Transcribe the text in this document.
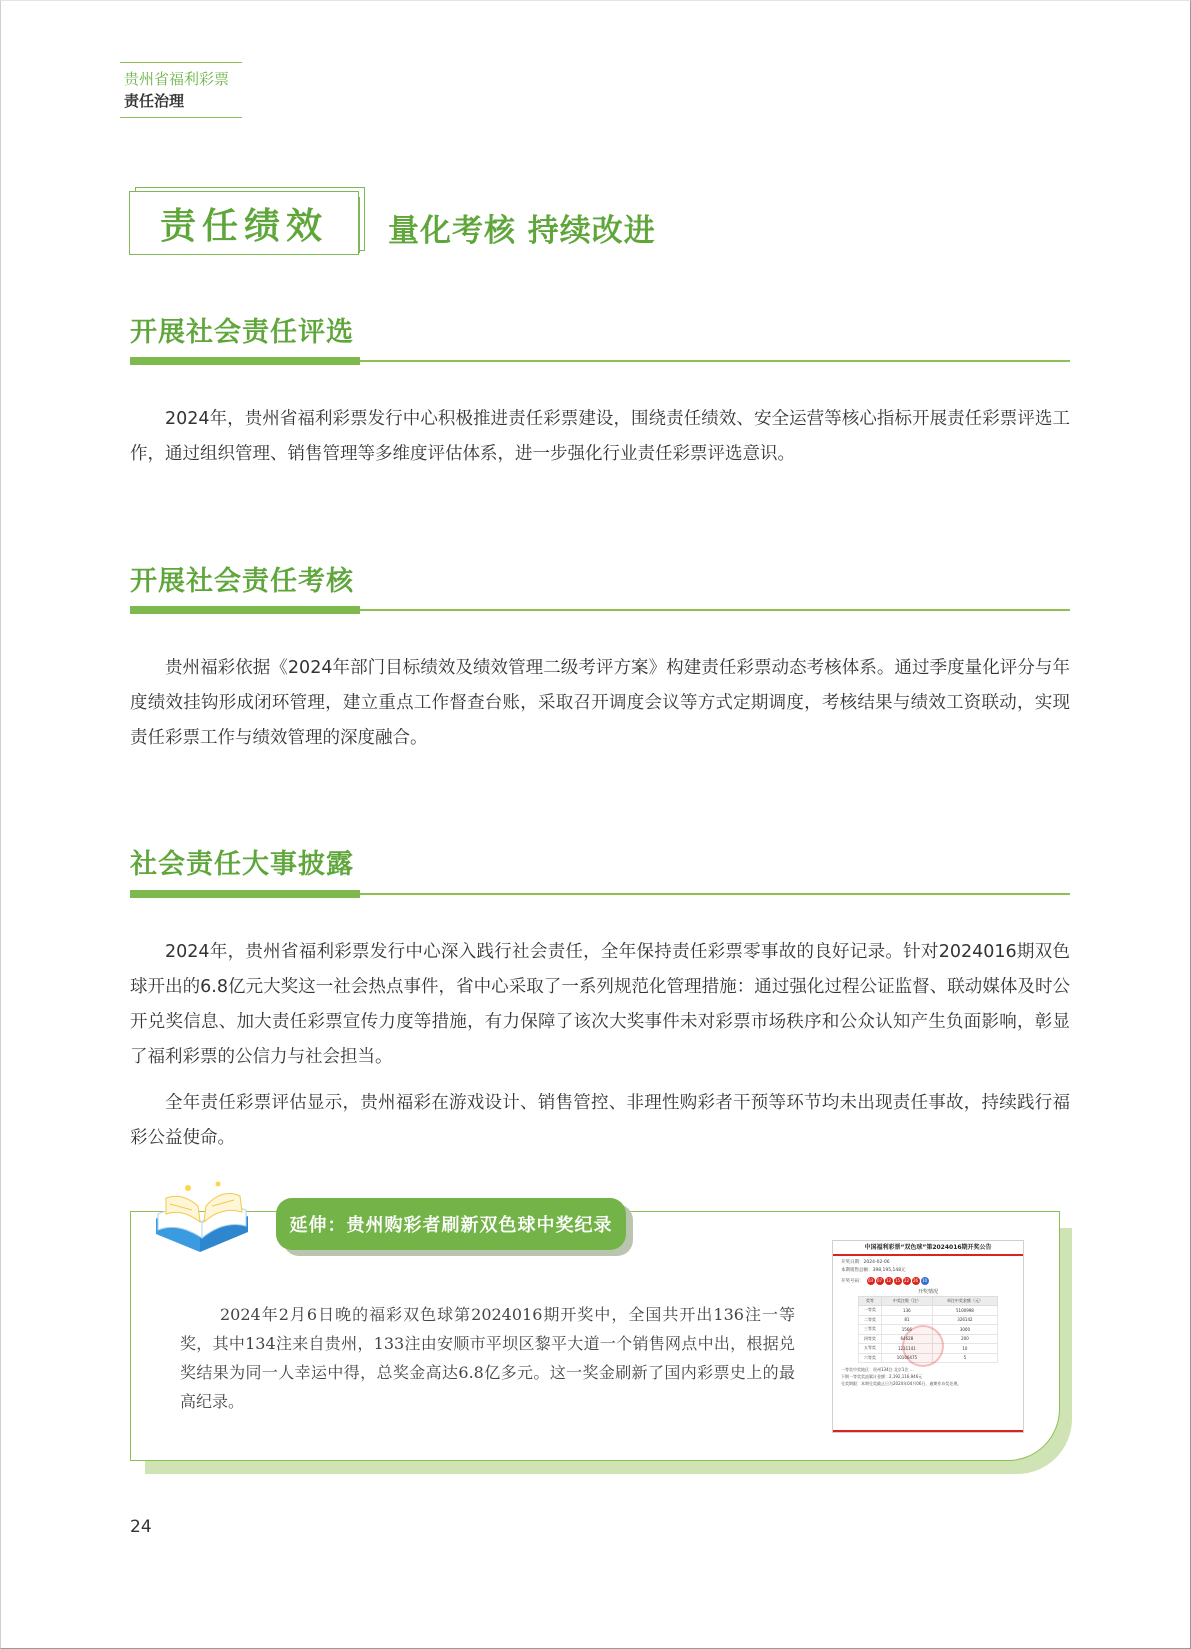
贵州省福利彩票
责任治理
责任绩效	量化考核 持续改进
开展社会责任评选

2024年，贵州省福利彩票发行中心积极推进责任彩票建设，围绕责任绩效、安全运营等核心指标开展责任彩票评选工作，通过组织管理、销售管理等多维度评估体系，进一步强化行业责任彩票评选意识。

开展社会责任考核

贵州福彩依据《2024年部门目标绩效及绩效管理二级考评方案》构建责任彩票动态考核体系。通过季度量化评分与年度绩效挂钩形成闭环管理，建立重点工作督查台账，采取召开调度会议等方式定期调度，考核结果与绩效工资联动，实现责任彩票工作与绩效管理的深度融合。

社会责任大事披露

2024年，贵州省福利彩票发行中心深入践行社会责任，全年保持责任彩票零事故的良好记录。针对2024016期双色球开出的6.8亿元大奖这一社会热点事件，省中心采取了一系列规范化管理措施：通过强化过程公证监督、联动媒体及时公开兑奖信息、加大责任彩票宣传力度等措施，有力保障了该次大奖事件未对彩票市场秩序和公众认知产生负面影响，彰显了福利彩票的公信力与社会担当。

全年责任彩票评估显示，贵州福彩在游戏设计、销售管控、非理性购彩者干预等环节均未出现责任事故，持续践行福彩公益使命。

延伸：贵州购彩者刷新双色球中奖纪录

2024年2月6日晚的福彩双色球第2024016期开奖中，全国共开出136注一等奖，其中134注来自贵州，133注由安顺市平坝区黎平大道一个销售网点中出，根据兑奖结果为同一人幸运中得，总奖金高达6.8亿多元。这一奖金刷新了国内彩票史上的最高纪录。

中国福利彩票“双色球”第2024016期开奖公告
开奖日期：2024-02-06
本期销售总额：398,195,148元
开奖号码：	03 07 12 15 22 26 10
开奖情况
奖等	中奖注数（注）	单注中奖金额（元）
一等奖	136	5100998
二等奖	81	326142
三等奖	1566	3000
四等奖	64628	200
五等奖	1231141	10
六等奖	10106475	5
一等奖中奖地区：贵州134注 北京1注 …
下期一等奖奖池累计金额：2,192,116,946元
兑奖期限：本期兑奖截止日为2024年04月06日，逾期作弃奖处理。
24
